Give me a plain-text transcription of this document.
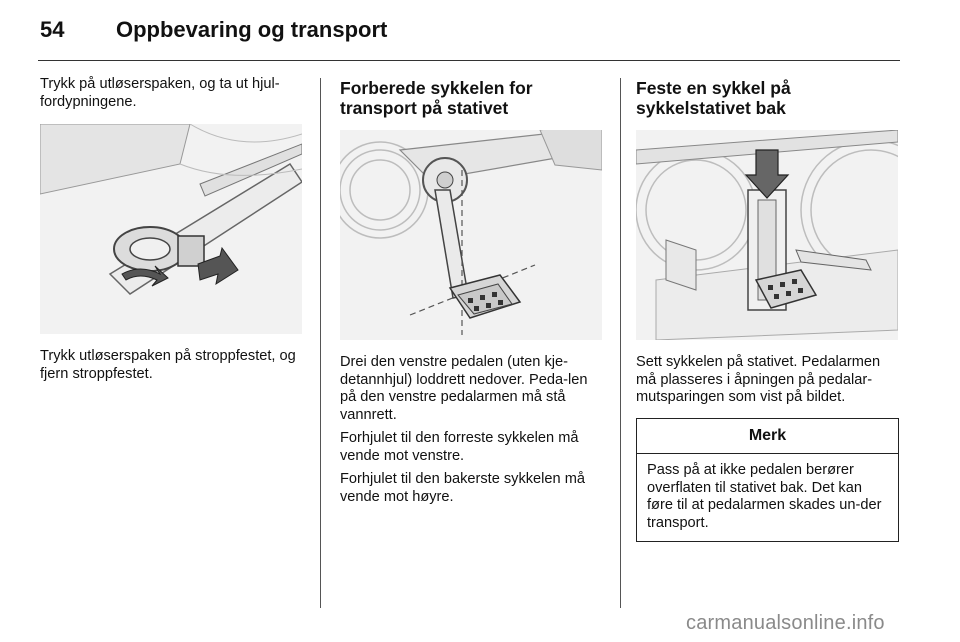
54 Oppbevaring og transport

Trykk på utløserspaken, og ta ut hjul-fordypningene.

Trykk utløserspaken på stroppfestet, og fjern stroppfestet.

Forberede sykkelen for transport på stativet

Drei den venstre pedalen (uten kje-detannhjul) loddrett nedover. Peda-len på den venstre pedalarmen må stå vannrett.

Forhjulet til den forreste sykkelen må vende mot venstre.

Forhjulet til den bakerste sykkelen må vende mot høyre.

Feste en sykkel på sykkelstativet bak

Sett sykkelen på stativet. Pedalarmen må plasseres i åpningen på pedalar-mutsparingen som vist på bildet.

Merk
Pass på at ikke pedalen berører overflaten til stativet bak. Det kan føre til at pedalarmen skades un-der transport.
carmanualsonline.info
